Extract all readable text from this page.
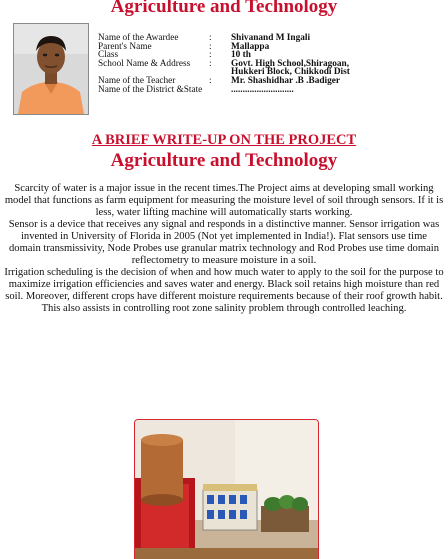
Agriculture and Technology
Name of the Awardee	: Shivanand M Ingali
Parent's Name	: Mallappa
Class	: 10 th
School Name & Address : Govt. High School,Shiragoan,
Hukkeri Block, Chikkodi Dist
Name of the Teacher	: Mr. Shashidhar .B .Badiger
Name of the District &State	...........................
A BRIEF WRITE-UP ON THE PROJECT
Agriculture and Technology

Scarcity of water is a major issue in the recent times.The Project aims at developing small working model that functions as farm equipment for measuring the moisture level of soil through sensors. If it is less, water lifting machine will automatically starts working.

Sensor is a device that receives any signal and responds in a distinctive manner. Sensor irrigation was invented in University of Florida in 2005 (Not yet implemented in India!). Flat sensors use time domain transmissivity, Node Probes use granular matrix technology and Rod Probes use time domain reflectometry to measure moisture in a soil.

Irrigation scheduling is the decision of when and how much water to apply to the soil for the purpose to maximize irrigation efficiencies and saves water and energy. Black soil retains high moisture than red soil. Moreover, different crops have different moisture requirements because of their roof growth habit.

This also assists in controlling root zone salinity problem through controlled leaching.
